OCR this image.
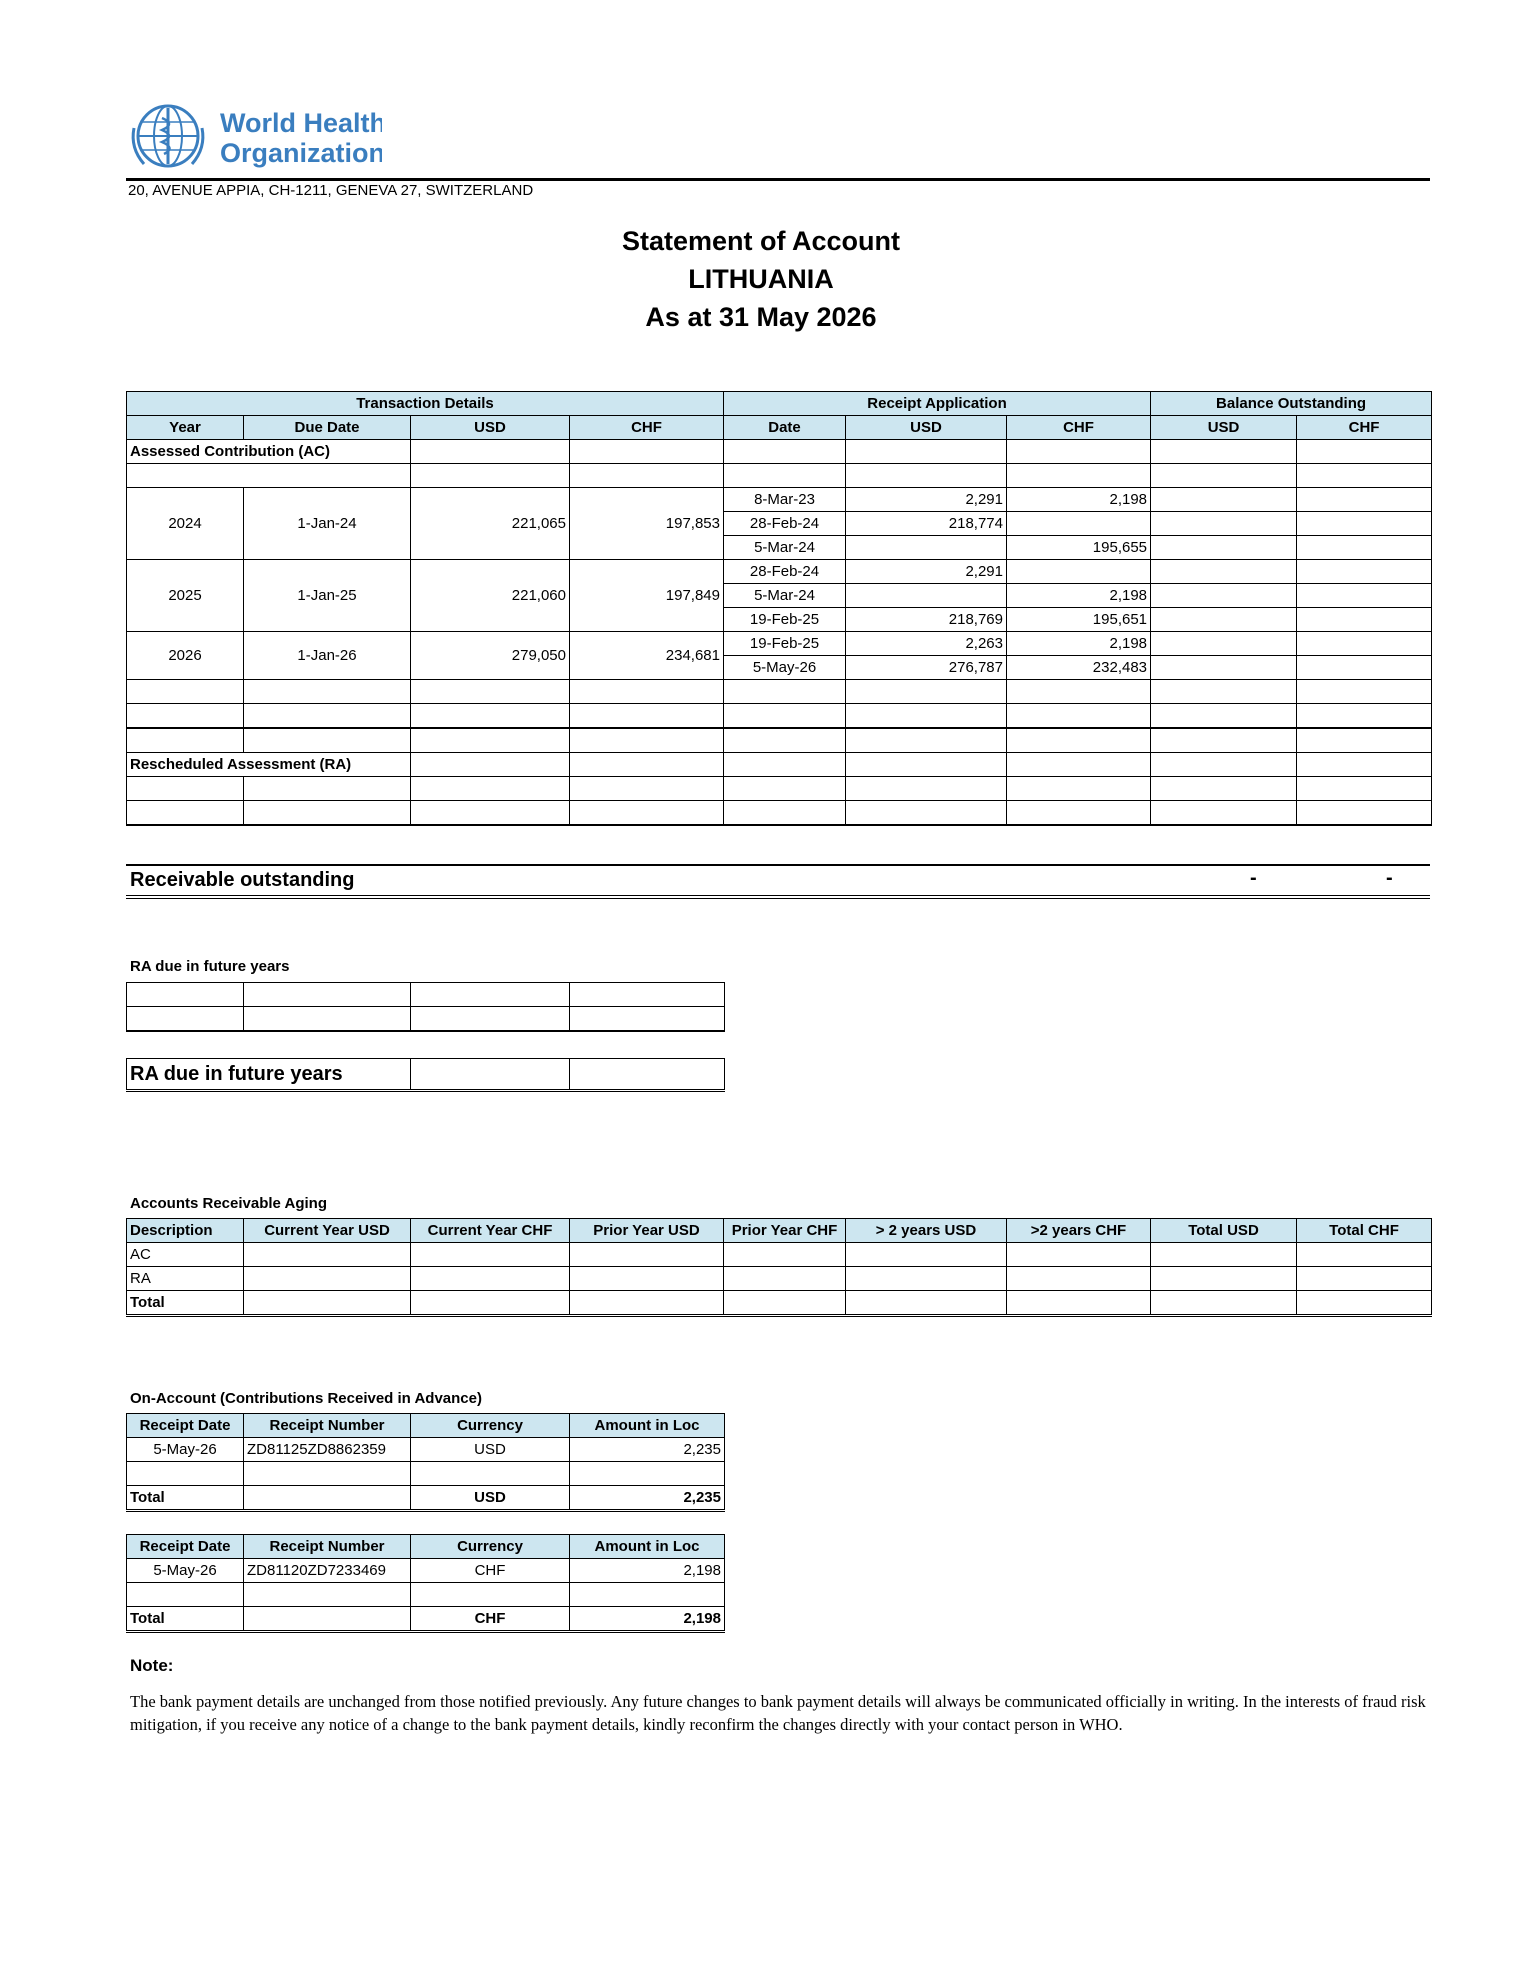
World Health
Organization
20, AVENUE APPIA, CH-1211, GENEVA 27, SWITZERLAND
Statement of Account
LITHUANIA
As at 31 May 2026
Transaction Details				Receipt Application			Balance Outstanding	
Year	Due Date	USD	CHF	Date	USD	CHF	USD	CHF
Assessed Contribution (AC)								

2024	1-Jan-24	221,065	197,853	8-Mar-23	2,291	2,198		
				28-Feb-24	218,774			
				5-Mar-24		195,655		
2025	1-Jan-25	221,060	197,849	28-Feb-24	2,291			
				5-Mar-24		2,198		
				19-Feb-25	218,769	195,651		
2026	1-Jan-26	279,050	234,681	19-Feb-25	2,263	2,198		
				5-May-26	276,787	232,483		

Rescheduled Assessment (RA)								

Receivable outstanding	-	-
RA due in future years

RA due in future years		
Accounts Receivable Aging
Description	Current Year USD	Current Year CHF	Prior Year USD	Prior Year CHF	> 2 years USD	>2 years CHF	Total USD	Total CHF
AC								
RA								
Total								
On-Account (Contributions Received in Advance)
Receipt Date	Receipt Number	Currency	Amount in Loc
5-May-26	ZD81125ZD8862359	USD	2,235

Total		USD	2,235
Receipt Date	Receipt Number	Currency	Amount in Loc
5-May-26	ZD81120ZD7233469	CHF	2,198

Total		CHF	2,198
Note:
The bank payment details are unchanged from those notified previously. Any future changes to bank payment details will always be communicated officially in writing. In the interests of fraud risk mitigation, if you receive any notice of a change to the bank payment details, kindly reconfirm the changes directly with your contact person in WHO.
